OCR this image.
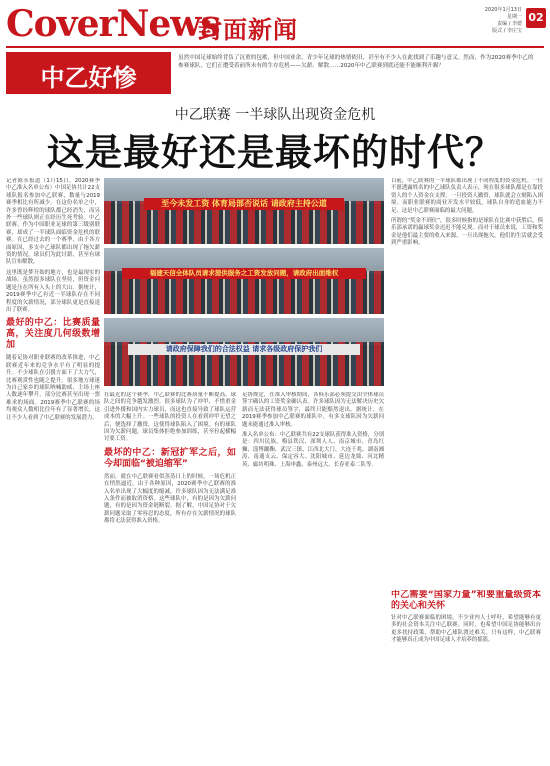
CoverNews
封面新闻
2020年1月13日
星期一
责编 / 李德
版式 / 李庄宝
02
中乙好惨
虽然中国足球始终背负了沉重的包袱，但中国业余、青少年足球的热情依旧，甚至有不少人在此找到了乐趣与意义。然而，作为2020赛季中乙的参赛球队，它们正遭受着前所未有的生存危机——欠薪、解散……2020年中乙联赛到底还能不能顺利开踢？
中乙联赛 一半球队出现资金危机
这是最好还是最坏的时代？
记者陈永报道（1月15日，2020赛季中乙准入名单公布）中国足协共计22支球队报名参加中乙联赛，数量与2019赛季相比有所减少。在这份名单之中，许多曾经辉煌的球队都已经消失，而另外一些球队则正在经历生死考验。中乙联赛，作为中国职业足球的第三级别联赛，却成了一半球队面临资金危机的联赛。在已经过去的一个赛季，由于各方面原因，多支中乙球队都出现了拖欠薪资的情况，球员们为此讨薪，甚至有球队宣布解散。
这里既是梦开始的地方，也是最现实的战场。虽然很多球队在坚持，但资金问题是压在所有人头上的大山。据统计，2019赛季中乙有近一半球队存在不同程度的欠薪情况，部分球队更是直接退出了联赛。
最好的中乙：比赛质量高，关注度几何级数增加
随着足协对职业联赛的改革推进，中乙联赛近年来的竞争水平有了明显的提升。不少球队在引援方面下了大力气，比赛观赏性也随之提升。很多地方球迷为自己家乡的球队呐喊助威，主场上座人数逐年攀升，部分比赛甚至出现一票难求的场面。2019赛季中乙联赛的场均观众人数相比往年有了显著增长，这让不少人看到了中乙联赛的发展潜力。
至今未发工资 体育局部否说话 请政府主持公道
福建天信全体队员请求提供服务之工资发放问题，请政府出面维权
请政府保障我们的合法权益 请求各级政府保护我们
在最近的这个赛季，中乙联赛的比赛质量不断提高，球队之间的竞争越发激烈。很多球队为了冲甲，不惜重金引进外援和国内实力球员，而这也直接导致了球队运营成本的大幅上升。一些球队的投资人在看到冲甲无望之后，便选择了撤资，这使得球队陷入了困境。有的球队因为欠薪问题，球员集体拒绝参加训练，甚至拉起横幅讨要工资。
最坏的中乙：新冠扩军之后，如今却面临“被迫缩军”
然而，就在中乙联赛看似蒸蒸日上的时候，一场危机正在悄然逼近。由于各种原因，2020赛季中乙联赛的准入名单出现了大幅度的缩减，许多球队因为无法满足准入条件而被取消资格。这些球队中，有的是因为欠薪问题，有的是因为资金链断裂。据了解，中国足协对于欠薪问题采取了零容忍的态度，所有存在欠薪情况的球队都将无法获得准入资格。
足协规定，在准入审核期间，各俱乐部必须提交由全体球员签字确认的工资奖金确认表。许多球队因为无法解决历史欠薪而无法获得球员签字，最终只能黯然退出。据统计，在2019赛季参加中乙联赛的球队中，有多支球队因为欠薪问题未能通过准入审核。
准入名单公布：中乙联赛共有22支球队获得准入资格，分别是：四川民族、梅县铁汉、深圳人人、南京城市、青岛红狮、淄博蹴鞠、武汉三镇、江西北大门、大连千兆、湖南湘涛、南通支云、保定容大、沈阳城市、延边龙鼎、河北精英、廊坊明珠、上海申鑫、泰州远大、长春亚泰二队等。
目前，中乙联赛的一半球队都出现了不同程度的资金危机。一位不愿透露姓名的中乙球队负责人表示，现在很多球队都是在靠投资人的个人资金在支撑，一旦投资人撤资，球队就会立刻陷入困境。而职业联赛的商业开发水平较低，球队自身的造血能力不足，这是中乙联赛面临的最大问题。
所谓的“奖金不到位”，很多时候指的是球队在比赛中获胜后，俱乐部承诺的赢球奖金迟迟不能兑现。而对于球员来说，工资和奖金是他们最主要的收入来源，一旦出现拖欠，他们的生活就会受到严重影响。
中乙需要“国家力量”和要重量级资本的关心和关怀
针对中乙联赛面临的困境，不少业内人士呼吁，希望能够有更多的社会资本关注中乙联赛。同时，也希望中国足协能够出台更多扶持政策，帮助中乙球队渡过难关。只有这样，中乙联赛才能够真正成为中国足球人才培养的摇篮。
